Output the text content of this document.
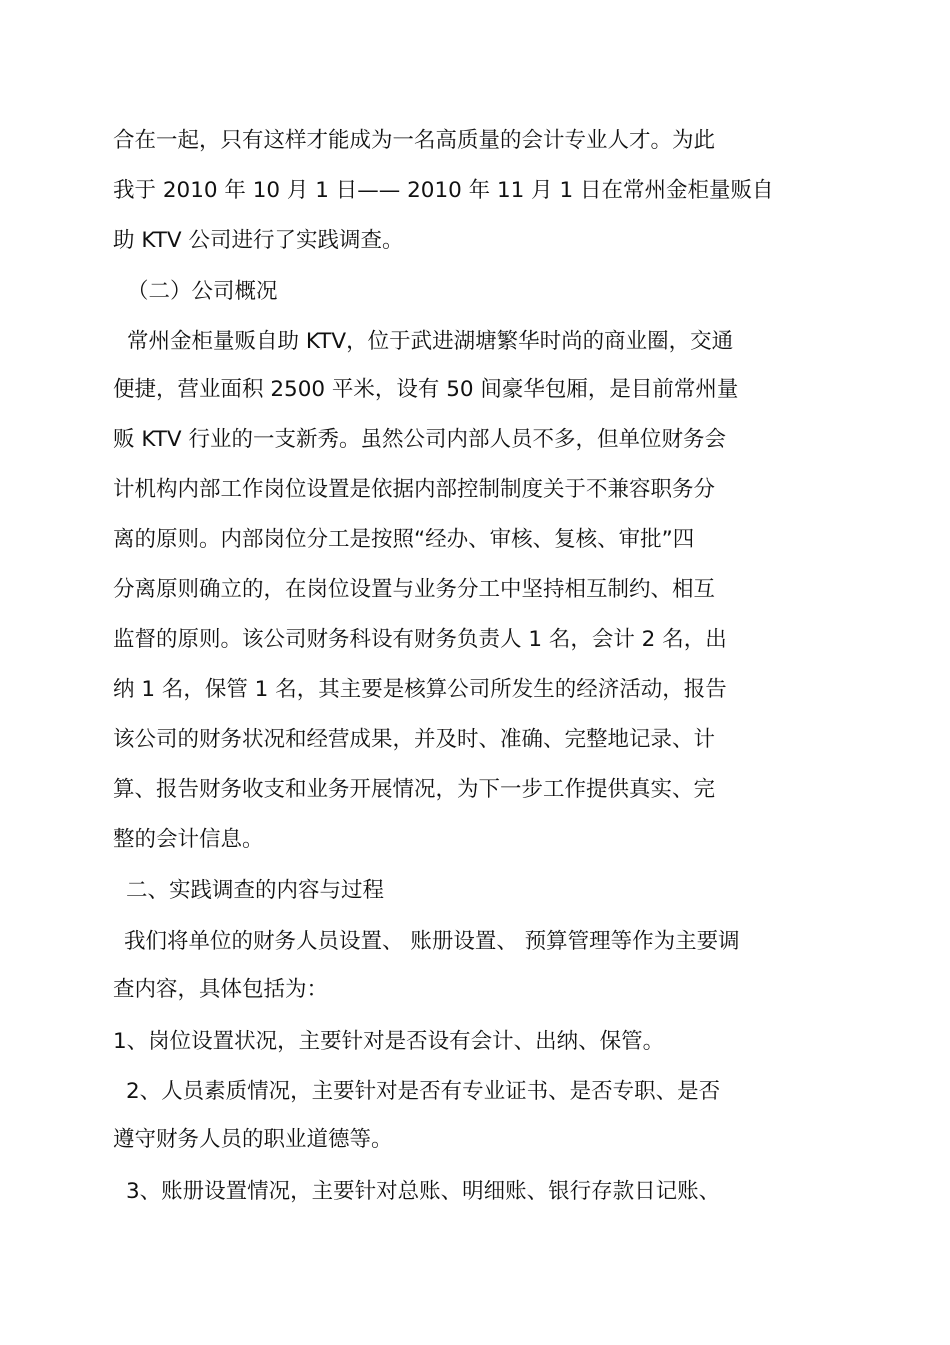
合在一起，只有这样才能成为一名高质量的会计专业人才。为此
我于 2010 年 10 月 1 日—— 2010 年 11 月 1 日在常州金柜量贩自
助 KTV 公司进行了实践调查。
（二）公司概况
常州金柜量贩自助 KTV，位于武进湖塘繁华时尚的商业圈，交通
便捷，营业面积 2500 平米，设有 50 间豪华包厢，是目前常州量
贩 KTV 行业的一支新秀。虽然公司内部人员不多，但单位财务会
计机构内部工作岗位设置是依据内部控制制度关于不兼容职务分
离的原则。内部岗位分工是按照“经办、审核、复核、审批”四
分离原则确立的，在岗位设置与业务分工中坚持相互制约、相互
监督的原则。该公司财务科设有财务负责人 1 名，会计 2 名，出
纳 1 名，保管 1 名，其主要是核算公司所发生的经济活动，报告
该公司的财务状况和经营成果，并及时、准确、完整地记录、计
算、报告财务收支和业务开展情况，为下一步工作提供真实、完
整的会计信息。
二、实践调查的内容与过程
我们将单位的财务人员设置、 账册设置、 预算管理等作为主要调
查内容，具体包括为：
1、岗位设置状况，主要针对是否设有会计、出纳、保管。
2、人员素质情况，主要针对是否有专业证书、是否专职、是否
遵守财务人员的职业道德等。
3、账册设置情况，主要针对总账、明细账、银行存款日记账、
